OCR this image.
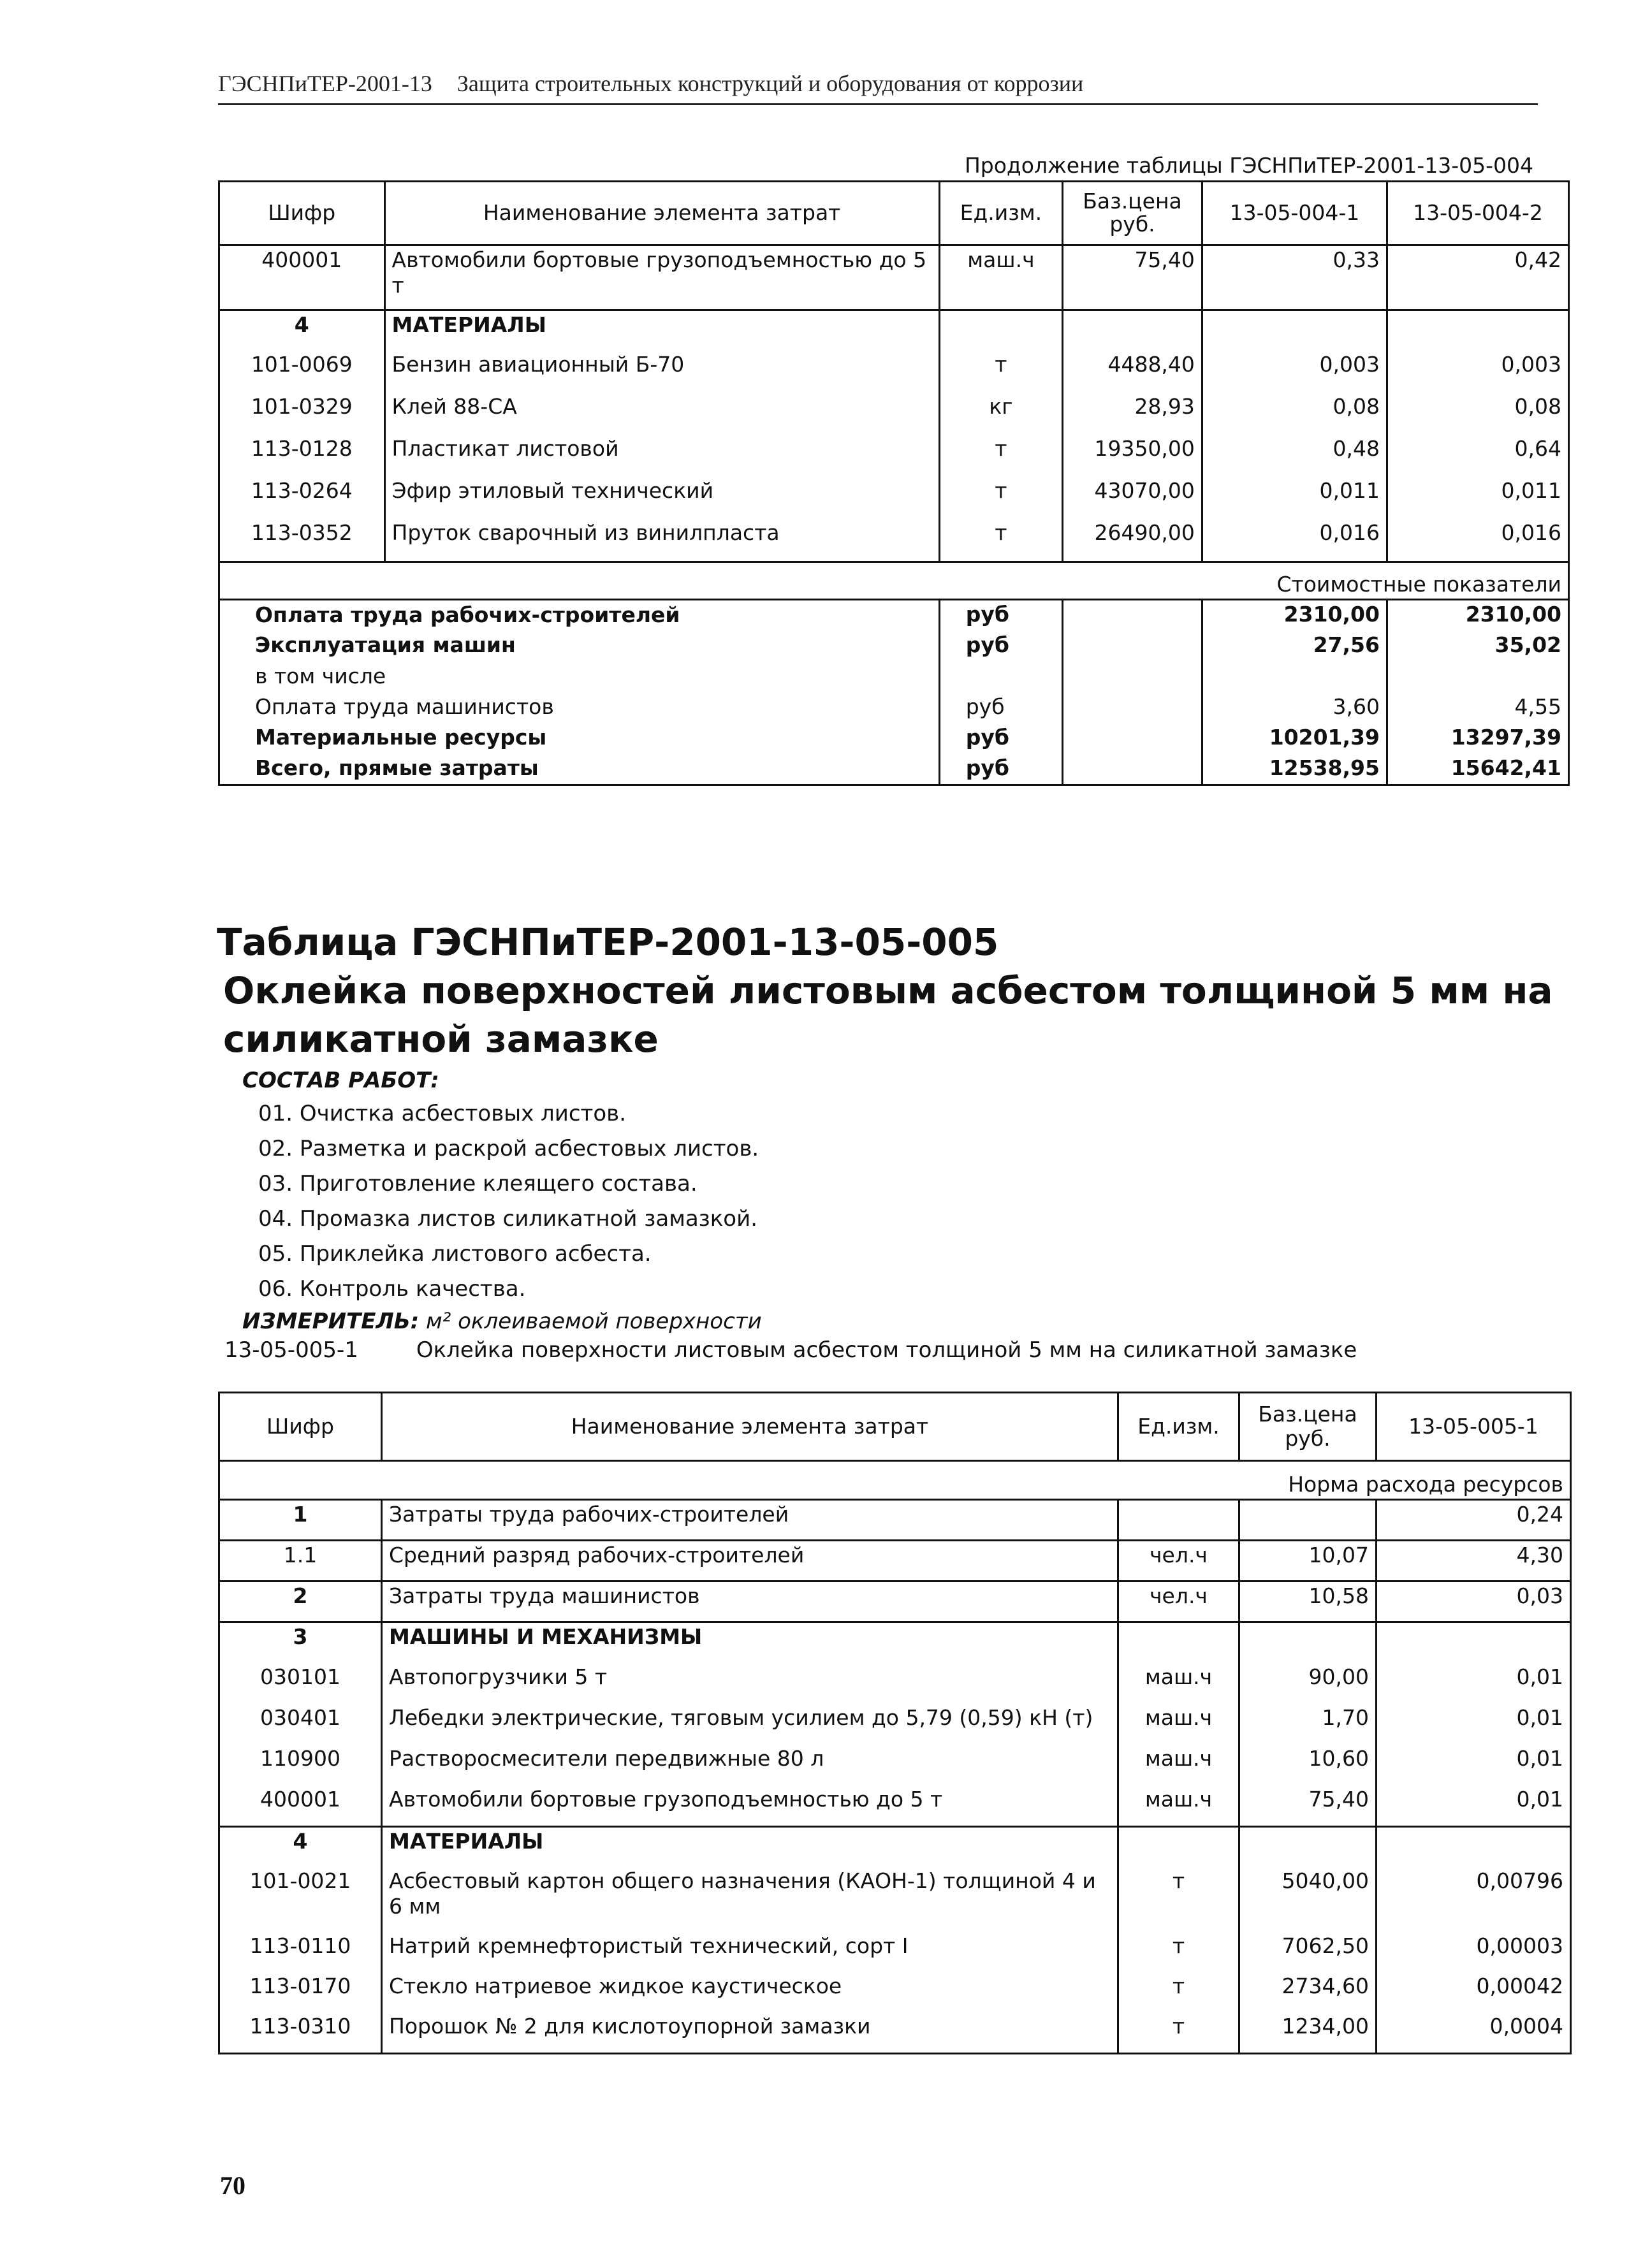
ГЭСНПиТЕР-2001-13 Защита строительных конструкций и оборудования от коррозии
Продолжение таблицы ГЭСНПиТЕР-2001-13-05-004
Шифр	Наименование элемента затрат	Ед.изм.	Баз.цена руб.	13-05-004-1	13-05-004-2
400001	Автомобили бортовые грузоподъемностью до 5 т	маш.ч	75,40	0,33	0,42
4	МАТЕРИАЛЫ				
101-0069	Бензин авиационный Б-70	т	4488,40	0,003	0,003
101-0329	Клей 88-СА	кг	28,93	0,08	0,08
113-0128	Пластикат листовой	т	19350,00	0,48	0,64
113-0264	Эфир этиловый технический	т	43070,00	0,011	0,011
113-0352	Пруток сварочный из винилпласта	т	26490,00	0,016	0,016
Стоимостные показатели					
Оплата труда рабочих-строителей		руб		2310,00	2310,00
Эксплуатация машин		руб		27,56	35,02
в том числе					
Оплата труда машинистов		руб		3,60	4,55
Материальные ресурсы		руб		10201,39	13297,39
Всего, прямые затраты		руб		12538,95	15642,41
Таблица ГЭСНПиТЕР-2001-13-05-005
Оклейка поверхностей листовым асбестом толщиной 5 мм на силикатной замазке
СОСТАВ РАБОТ:
01. Очистка асбестовых листов.
02. Разметка и раскрой асбестовых листов.
03. Приготовление клеящего состава.
04. Промазка листов силикатной замазкой.
05. Приклейка листового асбеста.
06. Контроль качества.
ИЗМЕРИТЕЛЬ: м² оклеиваемой поверхности
13-05-005-1	Оклейка поверхности листовым асбестом толщиной 5 мм на силикатной замазке
Шифр	Наименование элемента затрат	Ед.изм.	Баз.цена руб.	13-05-005-1
Норма расхода ресурсов				
1	Затраты труда рабочих-строителей			0,24
1.1	Средний разряд рабочих-строителей	чел.ч	10,07	4,30
2	Затраты труда машинистов	чел.ч	10,58	0,03
3	МАШИНЫ И МЕХАНИЗМЫ			
030101	Автопогрузчики 5 т	маш.ч	90,00	0,01
030401	Лебедки электрические, тяговым усилием до 5,79 (0,59) кН (т)	маш.ч	1,70	0,01
110900	Растворосмесители передвижные 80 л	маш.ч	10,60	0,01
400001	Автомобили бортовые грузоподъемностью до 5 т	маш.ч	75,40	0,01
4	МАТЕРИАЛЫ			
101-0021	Асбестовый картон общего назначения (КАОН-1) толщиной 4 и 6 мм	т	5040,00	0,00796
113-0110	Натрий кремнефтористый технический, сорт I	т	7062,50	0,00003
113-0170	Стекло натриевое жидкое каустическое	т	2734,60	0,00042
113-0310	Порошок № 2 для кислотоупорной замазки	т	1234,00	0,0004
70
